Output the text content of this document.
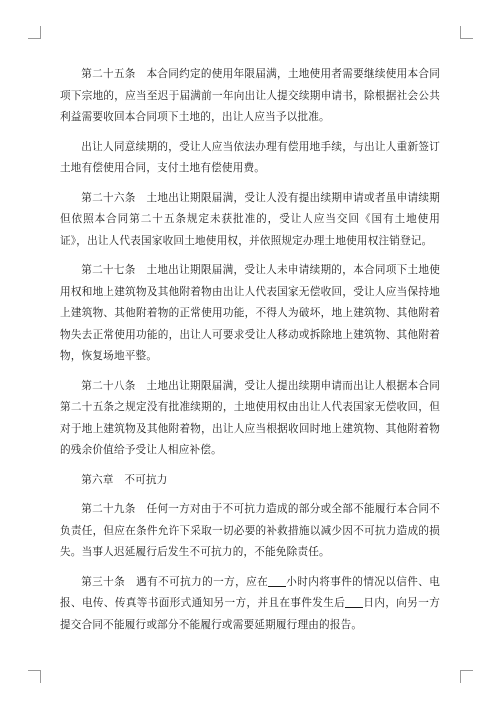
第二十五条　本合同约定的使用年限届满，土地使用者需要继续使用本合同项下宗地的，应当至迟于届满前一年向出让人提交续期申请书，除根据社会公共利益需要收回本合同项下土地的，出让人应当予以批准。

出让人同意续期的，受让人应当依法办理有偿用地手续，与出让人重新签订土地有偿使用合同，支付土地有偿使用费。

第二十六条　土地出让期限届满，受让人没有提出续期申请或者虽申请续期但依照本合同第二十五条规定未获批准的，受让人应当交回《国有土地使用证》，出让人代表国家收回土地使用权，并依照规定办理土地使用权注销登记。

第二十七条　土地出让期限届满，受让人未申请续期的，本合同项下土地使用权和地上建筑物及其他附着物由出让人代表国家无偿收回，受让人应当保持地上建筑物、其他附着物的正常使用功能，不得人为破坏，地上建筑物、其他附着物失去正常使用功能的，出让人可要求受让人移动或拆除地上建筑物、其他附着物，恢复场地平整。

第二十八条　土地出让期限届满，受让人提出续期申请而出让人根据本合同第二十五条之规定没有批准续期的，土地使用权由出让人代表国家无偿收回，但对于地上建筑物及其他附着物，出让人应当根据收回时地上建筑物、其他附着物的残余价值给予受让人相应补偿。

第六章　不可抗力

第二十九条　任何一方对由于不可抗力造成的部分或全部不能履行本合同不负责任，但应在条件允许下采取一切必要的补救措施以减少因不可抗力造成的损失。当事人迟延履行后发生不可抗力的，不能免除责任。

第三十条　遇有不可抗力的一方，应在 小时内将事件的情况以信件、电报、电传、传真等书面形式通知另一方，并且在事件发生后 日内，向另一方提交合同不能履行或部分不能履行或需要延期履行理由的报告。
